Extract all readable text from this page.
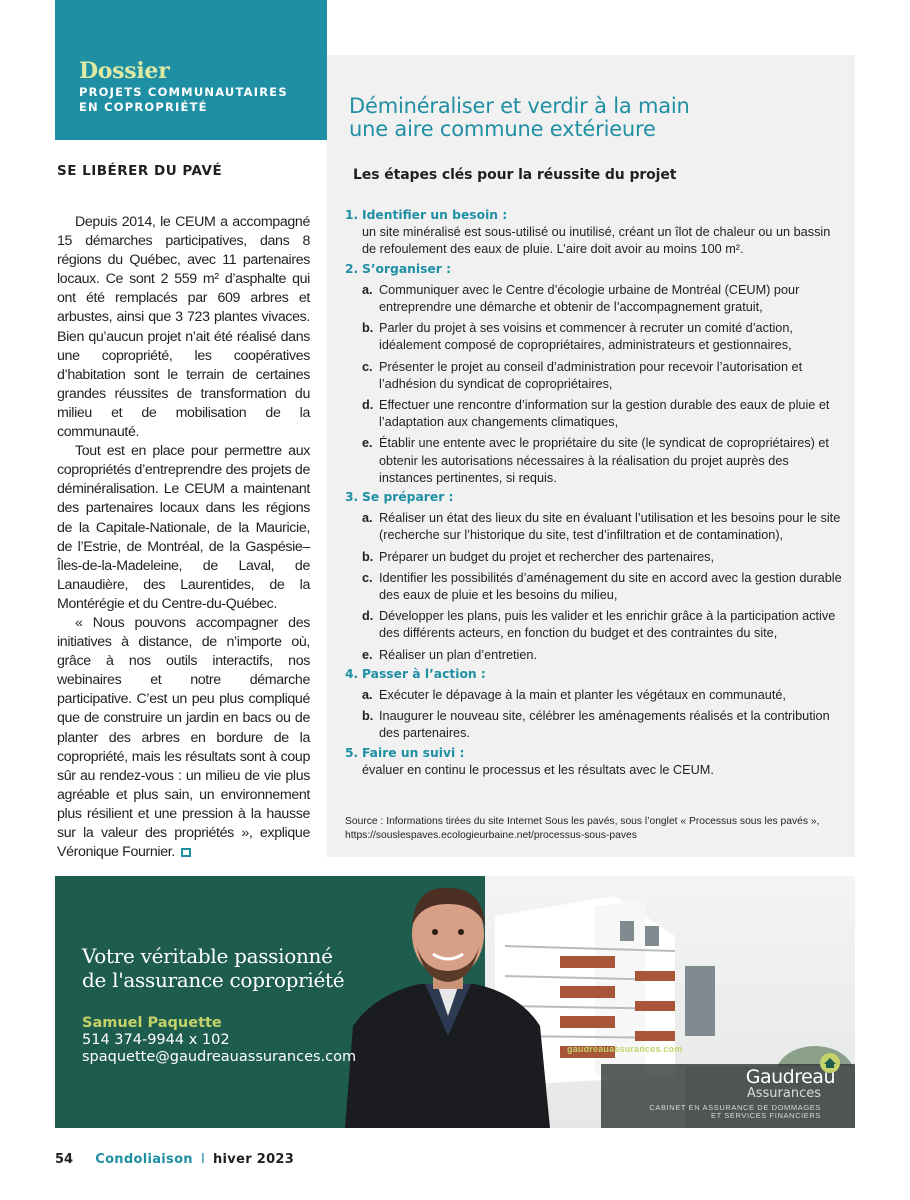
Dossier
PROJETS COMMUNAUTAIRES
EN COPROPRIÉTÉ
SE LIBÉRER DU PAVÉ

Depuis 2014, le CEUM a accompagné 15 démarches participatives, dans 8 régions du Québec, avec 11 partenaires locaux. Ce sont 2 559 m² d’asphalte qui ont été remplacés par 609 arbres et arbustes, ainsi que 3 723 plantes vivaces. Bien qu’aucun projet n’ait été réalisé dans une copropriété, les coopératives d’habitation sont le terrain de certaines grandes réussites de transformation du milieu et de mobilisation de la communauté.

Tout est en place pour permettre aux copropriétés d’entreprendre des projets de déminéralisation. Le CEUM a maintenant des partenaires locaux dans les régions de la Capitale-Nationale, de la Mauricie, de l’Estrie, de Montréal, de la Gaspésie–Îles-de-la-Madeleine, de Laval, de Lanaudière, des Laurentides, de la Montérégie et du Centre-du-Québec.

« Nous pouvons accompagner des initiatives à distance, de n’importe où, grâce à nos outils interactifs, nos webinaires et notre démarche participative. C’est un peu plus compliqué que de construire un jardin en bacs ou de planter des arbres en bordure de la copropriété, mais les résultats sont à coup sûr au rendez-vous : un milieu de vie plus agréable et plus sain, un environnement plus résilient et une pression à la hausse sur la valeur des propriétés », explique Véronique Fournier.

Déminéraliser et verdir à la main
une aire commune extérieure
Les étapes clés pour la réussite du projet
1. Identifier un besoin :
un site minéralisé est sous-utilisé ou inutilisé, créant un îlot de chaleur ou un bassin de refoulement des eaux de pluie. L’aire doit avoir au moins 100 m².
2. S’organiser :
a. Communiquer avec le Centre d’écologie urbaine de Montréal (CEUM) pour entreprendre une démarche et obtenir de l’accompagnement gratuit,
b. Parler du projet à ses voisins et commencer à recruter un comité d’action, idéalement composé de copropriétaires, administrateurs et gestionnaires,
c. Présenter le projet au conseil d’administration pour recevoir l’autorisation et l’adhésion du syndicat de copropriétaires,
d. Effectuer une rencontre d’information sur la gestion durable des eaux de pluie et l’adaptation aux changements climatiques,
e. Établir une entente avec le propriétaire du site (le syndicat de copropriétaires) et obtenir les autorisations nécessaires à la réalisation du projet auprès des instances pertinentes, si requis.
3. Se préparer :
a. Réaliser un état des lieux du site en évaluant l’utilisation et les besoins pour le site (recherche sur l’historique du site, test d’infiltration et de contamination),
b. Préparer un budget du projet et rechercher des partenaires,
c. Identifier les possibilités d’aménagement du site en accord avec la gestion durable des eaux de pluie et les besoins du milieu,
d. Développer les plans, puis les valider et les enrichir grâce à la participation active des différents acteurs, en fonction du budget et des contraintes du site,
e. Réaliser un plan d’entretien.
4. Passer à l’action :
a. Exécuter le dépavage à la main et planter les végétaux en communauté,
b. Inaugurer le nouveau site, célébrer les aménagements réalisés et la contribution des partenaires.
5. Faire un suivi :
évaluer en continu le processus et les résultats avec le CEUM.
Source : Informations tirées du site Internet Sous les pavés, sous l’onglet « Processus sous les pavés »,
https://souslespaves.ecologieurbaine.net/processus-sous-paves
Votre véritable passionné
de l'assurance copropriété
Samuel Paquette
514 374-9944 x 102
spaquette@gaudreauassurances.com	gaudreauassurances.com
Gaudreau
Assurances
CABINET EN ASSURANCE DE DOMMAGES
ET SERVICES FINANCIERS
54 Condoliaison I hiver 2023
